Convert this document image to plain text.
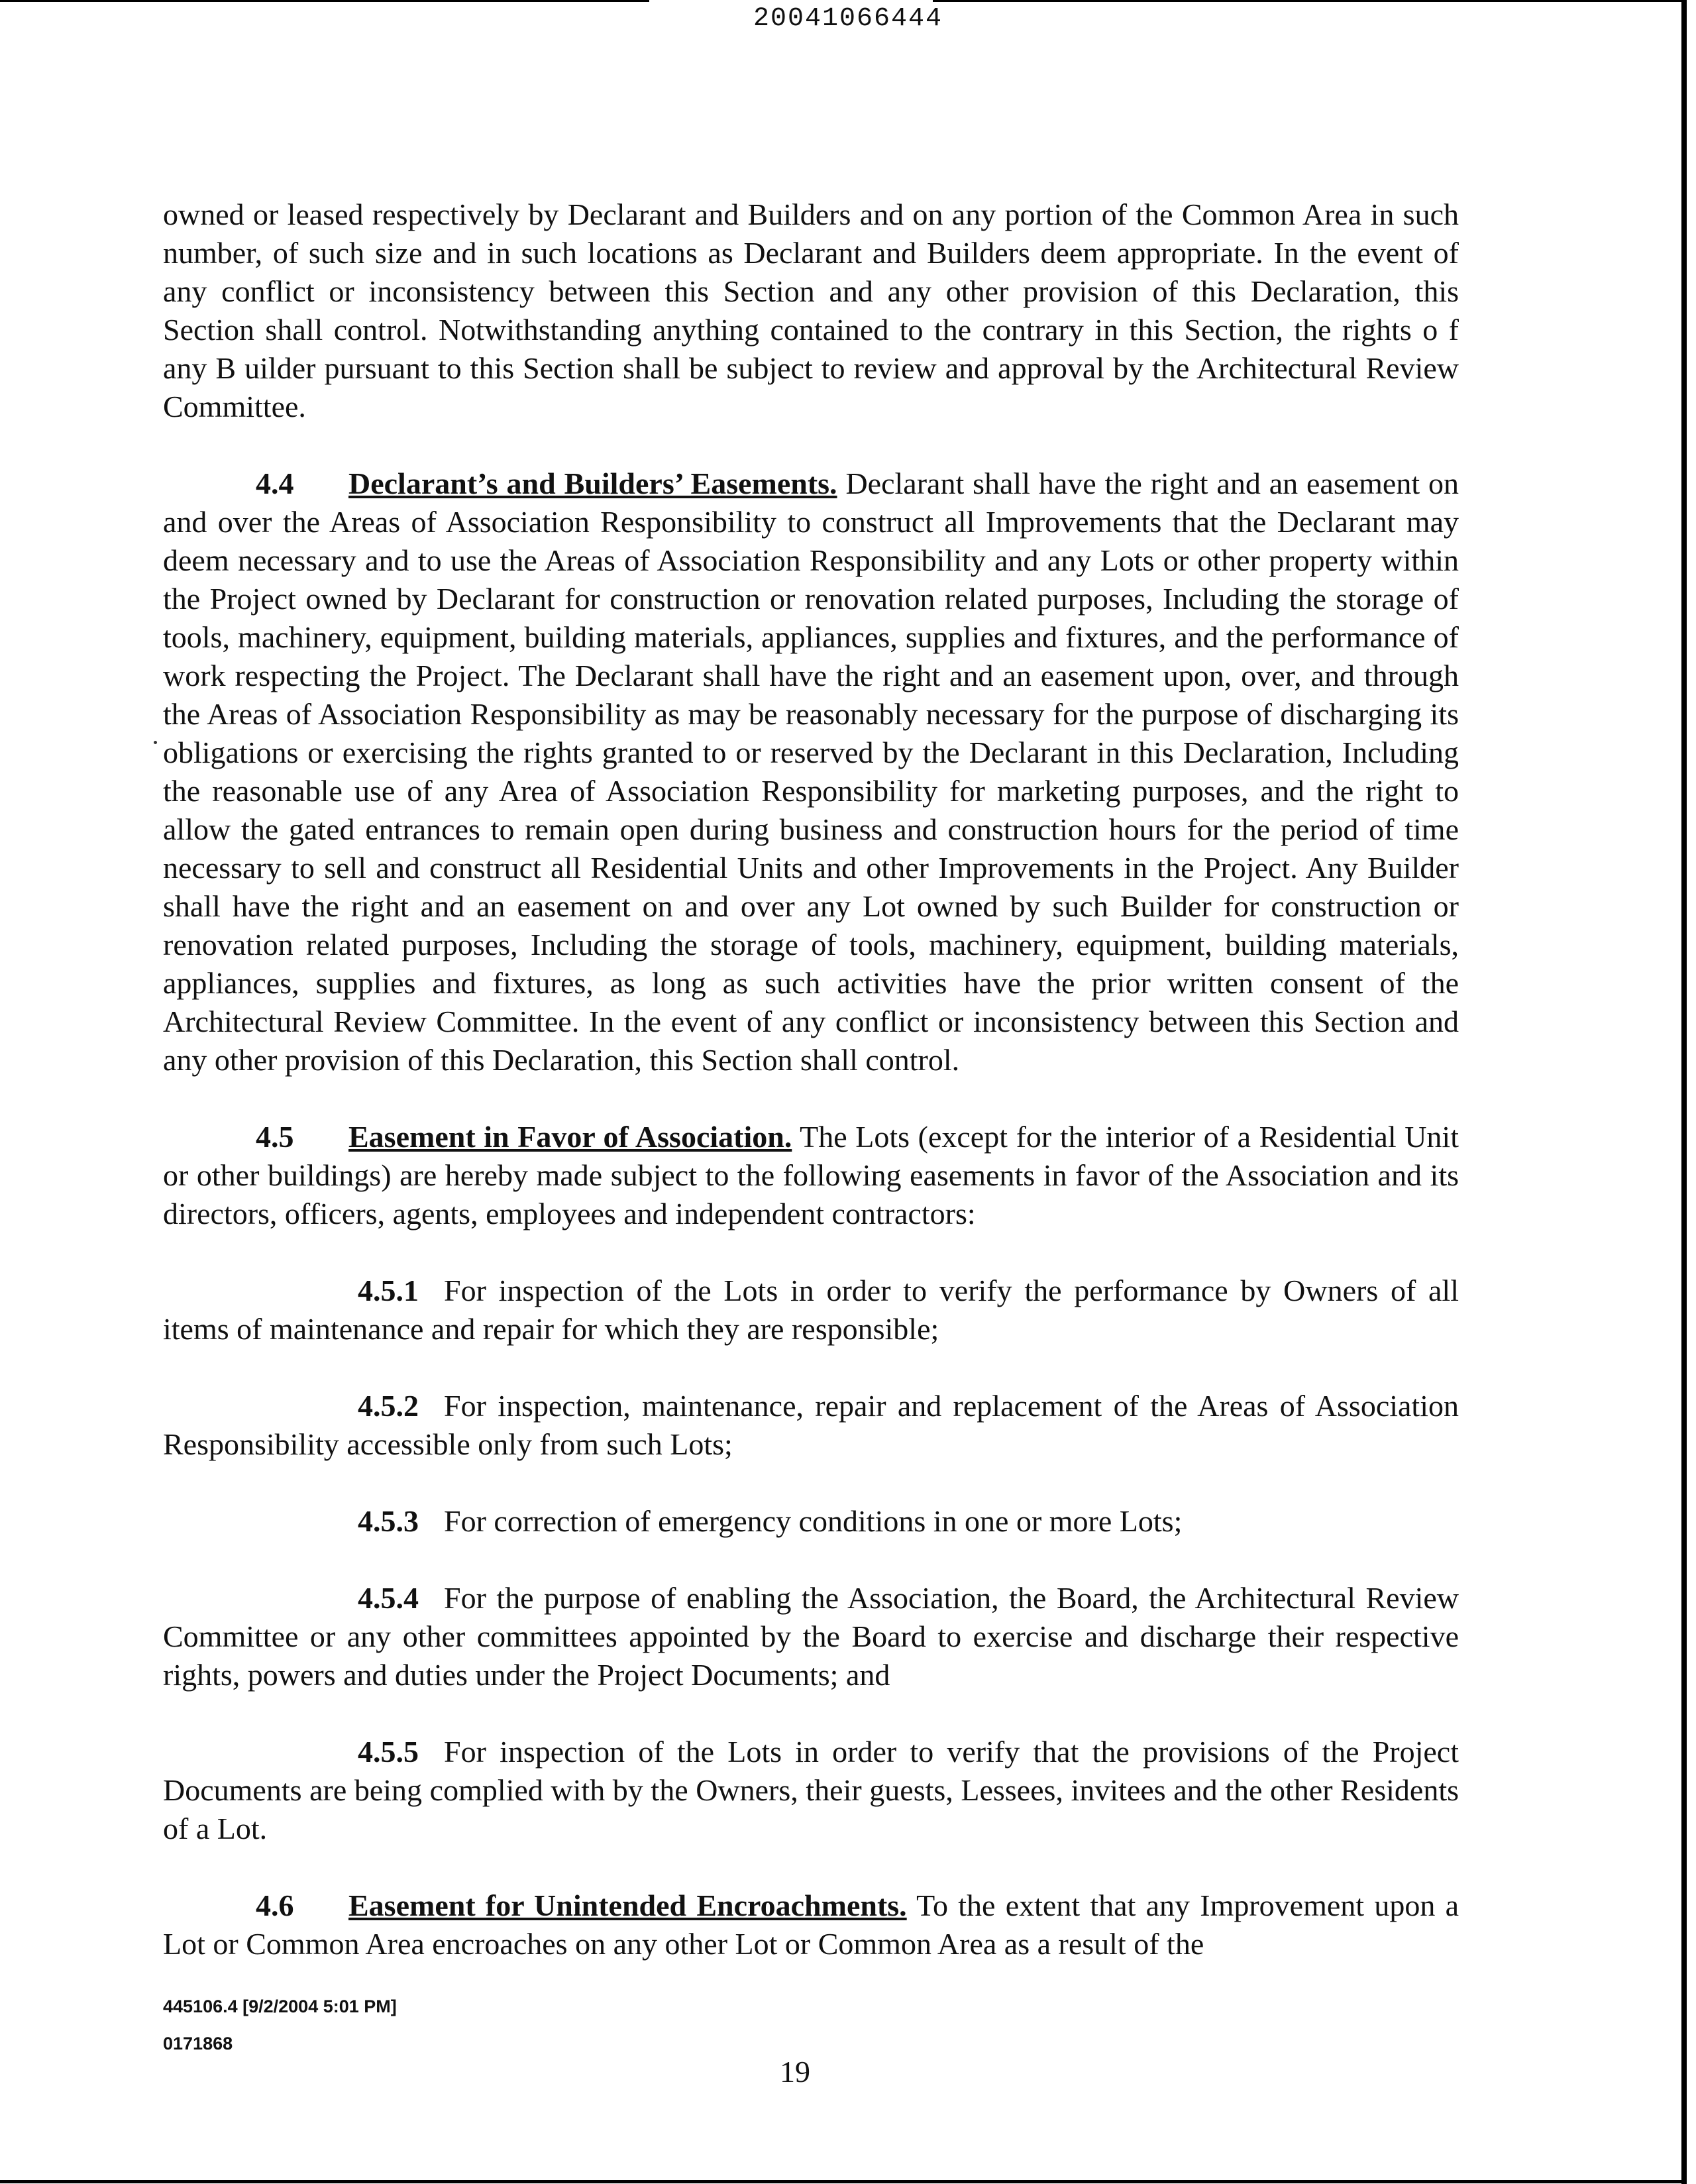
20041066444

owned or leased respectively by Declarant and Builders and on any portion of the Common Area in such number, of such size and in such locations as Declarant and Builders deem appropriate. In the event of any conflict or inconsistency between this Section and any other provision of this Declaration, this Section shall control. Notwithstanding anything contained to the contrary in this Section, the rights o f any B uilder pursuant to this Section shall be subject to review and approval by the Architectural Review Committee.

4.4 Declarant’s and Builders’ Easements. Declarant shall have the right and an easement on and over the Areas of Association Responsibility to construct all Improvements that the Declarant may deem necessary and to use the Areas of Association Responsibility and any Lots or other property within the Project owned by Declarant for construction or renovation related purposes, Including the storage of tools, machinery, equipment, building materials, appliances, supplies and fixtures, and the performance of work respecting the Project. The Declarant shall have the right and an easement upon, over, and through the Areas of Association Responsibility as may be reasonably necessary for the purpose of discharging its obligations or exercising the rights granted to or reserved by the Declarant in this Declaration, Including the reasonable use of any Area of Association Responsibility for marketing purposes, and the right to allow the gated entrances to remain open during business and construction hours for the period of time necessary to sell and construct all Residential Units and other Improvements in the Project. Any Builder shall have the right and an easement on and over any Lot owned by such Builder for construction or renovation related purposes, Including the storage of tools, machinery, equipment, building materials, appliances, supplies and fixtures, as long as such activities have the prior written consent of the Architectural Review Committee. In the event of any conflict or inconsistency between this Section and any other provision of this Declaration, this Section shall control.

4.5 Easement in Favor of Association. The Lots (except for the interior of a Residential Unit or other buildings) are hereby made subject to the following easements in favor of the Association and its directors, officers, agents, employees and independent contractors:

4.5.1 For inspection of the Lots in order to verify the performance by Owners of all items of maintenance and repair for which they are responsible;

4.5.2 For inspection, maintenance, repair and replacement of the Areas of Association Responsibility accessible only from such Lots;

4.5.3 For correction of emergency conditions in one or more Lots;

4.5.4 For the purpose of enabling the Association, the Board, the Architectural Review Committee or any other committees appointed by the Board to exercise and discharge their respective rights, powers and duties under the Project Documents; and

4.5.5 For inspection of the Lots in order to verify that the provisions of the Project Documents are being complied with by the Owners, their guests, Lessees, invitees and the other Residents of a Lot.

4.6 Easement for Unintended Encroachments. To the extent that any Improvement upon a Lot or Common Area encroaches on any other Lot or Common Area as a result of the

445106.4 [9/2/2004 5:01 PM]
0171868
19
